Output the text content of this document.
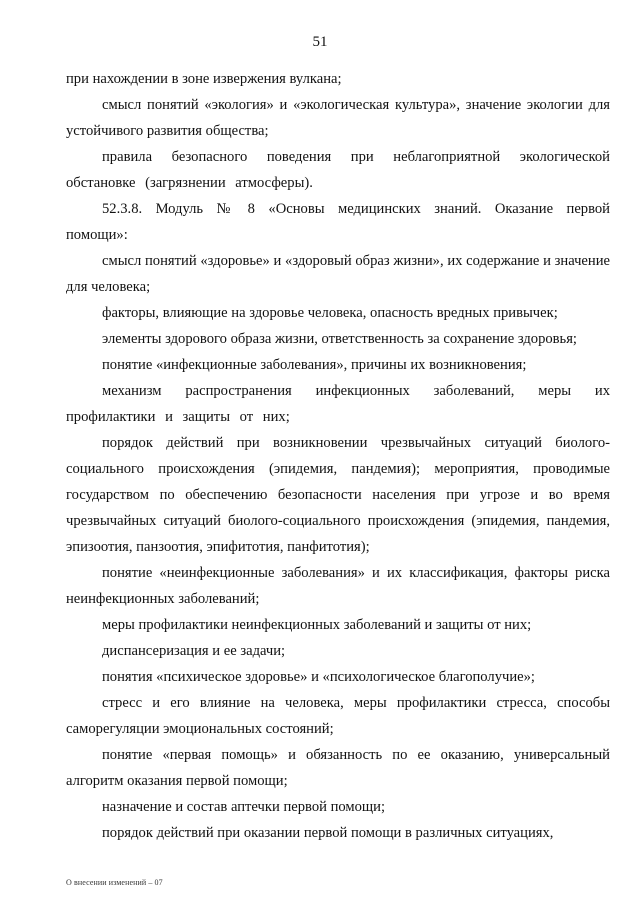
51

при нахождении в зоне извержения вулкана;

смысл понятий «экология» и «экологическая культура», значение экологии для устойчивого развития общества;

правила безопасного поведения при неблагоприятной экологической обстановке (загрязнении атмосферы).

52.3.8. Модуль № 8 «Основы медицинских знаний. Оказание первой помощи»:

смысл понятий «здоровье» и «здоровый образ жизни», их содержание и значение для человека;

факторы, влияющие на здоровье человека, опасность вредных привычек;

элементы здорового образа жизни, ответственность за сохранение здоровья;

понятие «инфекционные заболевания», причины их возникновения;

механизм распространения инфекционных заболеваний, меры их профилактики и защиты от них;

порядок действий при возникновении чрезвычайных ситуаций биолого-социального происхождения (эпидемия, пандемия); мероприятия, проводимые государством по обеспечению безопасности населения при угрозе и во время чрезвычайных ситуаций биолого-социального происхождения (эпидемия, пандемия, эпизоотия, панзоотия, эпифитотия, панфитотия);

понятие «неинфекционные заболевания» и их классификация, факторы риска неинфекционных заболеваний;

меры профилактики неинфекционных заболеваний и защиты от них;

диспансеризация и ее задачи;

понятия «психическое здоровье» и «психологическое благополучие»;

стресс и его влияние на человека, меры профилактики стресса, способы саморегуляции эмоциональных состояний;

понятие «первая помощь» и обязанность по ее оказанию, универсальный алгоритм оказания первой помощи;

назначение и состав аптечки первой помощи;

порядок действий при оказании первой помощи в различных ситуациях,

О внесении изменений – 07
